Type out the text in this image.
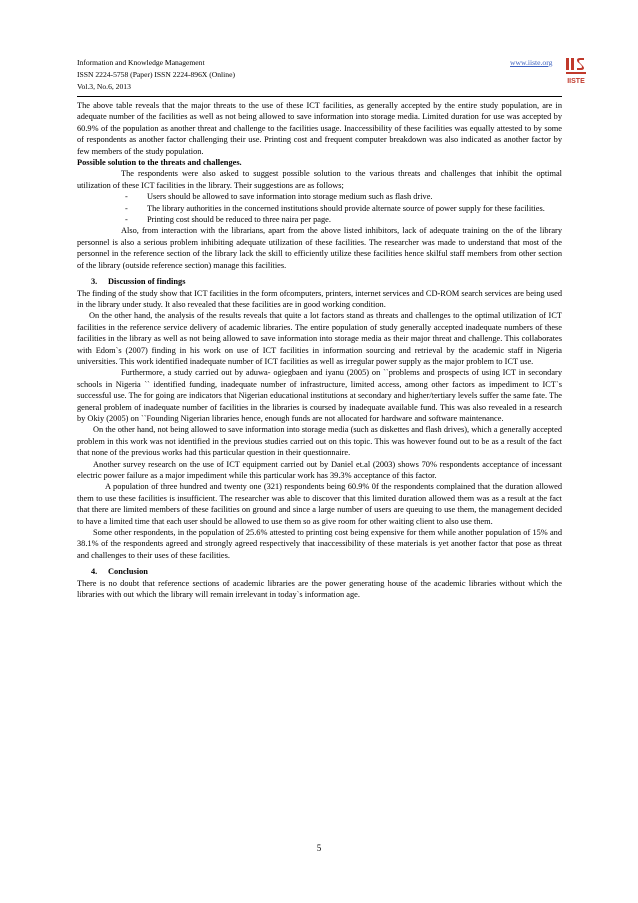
Information and Knowledge Management
ISSN 2224-5758 (Paper) ISSN 2224-896X (Online)
Vol.3, No.6, 2013
www.iiste.org
IISTE

The above table reveals that the major threats to the use of these ICT facilities, as generally accepted by the entire study population, are in adequate number of the facilities as well as not being allowed to save information into storage media. Limited duration for use was accepted by 60.9% of the population as another threat and challenge to the facilities usage. Inaccessibility of these facilities was equally attested to by some of respondents as another factor challenging their use. Printing cost and frequent computer breakdown was also indicated as another factor by few members of the study population.

Possible solution to the threats and challenges.

The respondents were also asked to suggest possible solution to the various threats and challenges that inhibit the optimal utilization of these ICT facilities in the library. Their suggestions are as follows;

- Users should be allowed to save information into storage medium such as flash drive.
- The library authorities in the concerned institutions should provide alternate source of power supply for these facilities.
- Printing cost should be reduced to three naira per page.

Also, from interaction with the librarians, apart from the above listed inhibitors, lack of adequate training on the of the library personnel is also a serious problem inhibiting adequate utilization of these facilities. The researcher was made to understand that most of the personnel in the reference section of the library lack the skill to efficiently utilize these facilities hence skilful staff members from other section of the library (outside reference section) manage this facilities.

3. Discussion of findings

The finding of the study show that ICT facilities in the form ofcomputers, printers, internet services and CD-ROM search services are being used in the library under study. It also revealed that these facilities are in good working condition.

On the other hand, the analysis of the results reveals that quite a lot factors stand as threats and challenges to the optimal utilization of ICT facilities in the reference service delivery of academic libraries. The entire population of study generally accepted inadequate numbers of these facilities in the library as well as not being allowed to save information into storage media as their major threat and challenge. This collaborates with Edom`s (2007) finding in his work on use of ICT facilities in information sourcing and retrieval by the academic staff in Nigeria universities. This work identified inadequate number of ICT facilities as well as irregular power supply as the major problem to ICT use.

Furthermore, a study carried out by aduwa- ogiegbaen and iyanu (2005) on ``problems and prospects of using ICT in secondary schools in Nigeria `` identified funding, inadequate number of infrastructure, limited access, among other factors as impediment to ICT`s successful use. The for going are indicators that Nigerian educational institutions at secondary and higher/tertiary levels suffer the same fate. The general problem of inadequate number of facilities in the libraries is coursed by inadequate available fund. This was also revealed in a research by Okiy (2005) on ``Founding Nigerian libraries hence, enough funds are not allocated for hardware and software maintenance.

On the other hand, not being allowed to save information into storage media (such as diskettes and flash drives), which a generally accepted problem in this work was not identified in the previous studies carried out on this topic. This was however found out to be as a result of the fact that none of the previous works had this particular question in their questionnaire.

Another survey research on the use of ICT equipment carried out by Daniel et.al (2003) shows 70% respondents acceptance of incessant electric power failure as a major impediment while this particular work has 39.3% acceptance of this factor.

A population of three hundred and twenty one (321) respondents being 60.9% 0f the respondents complained that the duration allowed them to use these facilities is insufficient. The researcher was able to discover that this limited duration allowed them was as a result at the fact that there are limited members of these facilities on ground and since a large number of users are queuing to use them, the management decided to have a limited time that each user should be allowed to use them so as give room for other waiting client to also use them.

Some other respondents, in the population of 25.6% attested to printing cost being expensive for them while another population of 15% and 38.1% of the respondents agreed and strongly agreed respectively that inaccessibility of these materials is yet another factor that pose as threat and challenges to their uses of these facilities.

4. Conclusion

There is no doubt that reference sections of academic libraries are the power generating house of the academic libraries without which the libraries with out which the library will remain irrelevant in today`s information age.

5
